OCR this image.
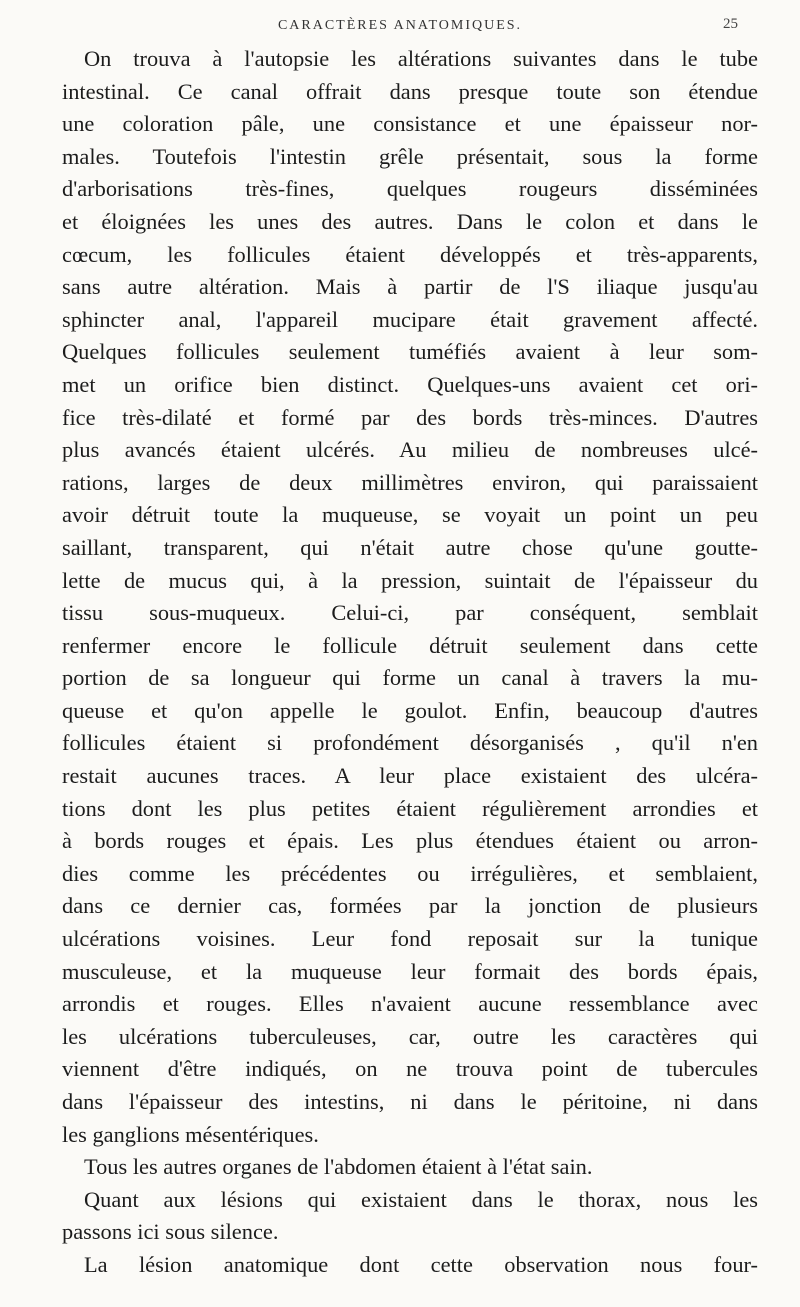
CARACTÈRES ANATOMIQUES.	25
On trouva à l'autopsie les altérations suivantes dans le tube
intestinal. Ce canal offrait dans presque toute son étendue
une coloration pâle, une consistance et une épaisseur nor-
males. Toutefois l'intestin grêle présentait, sous la forme
d'arborisations très-fines, quelques rougeurs disséminées
et éloignées les unes des autres. Dans le colon et dans le
cœcum, les follicules étaient développés et très-apparents,
sans autre altération. Mais à partir de l'S iliaque jusqu'au
sphincter anal, l'appareil mucipare était gravement affecté.
Quelques follicules seulement tuméfiés avaient à leur som-
met un orifice bien distinct. Quelques-uns avaient cet ori-
fice très-dilaté et formé par des bords très-minces. D'autres
plus avancés étaient ulcérés. Au milieu de nombreuses ulcé-
rations, larges de deux millimètres environ, qui paraissaient
avoir détruit toute la muqueuse, se voyait un point un peu
saillant, transparent, qui n'était autre chose qu'une goutte-
lette de mucus qui, à la pression, suintait de l'épaisseur du
tissu sous-muqueux. Celui-ci, par conséquent, semblait
renfermer encore le follicule détruit seulement dans cette
portion de sa longueur qui forme un canal à travers la mu-
queuse et qu'on appelle le goulot. Enfin, beaucoup d'autres
follicules étaient si profondément désorganisés , qu'il n'en
restait aucunes traces. A leur place existaient des ulcéra-
tions dont les plus petites étaient régulièrement arrondies et
à bords rouges et épais. Les plus étendues étaient ou arron-
dies comme les précédentes ou irrégulières, et semblaient,
dans ce dernier cas, formées par la jonction de plusieurs
ulcérations voisines. Leur fond reposait sur la tunique
musculeuse, et la muqueuse leur formait des bords épais,
arrondis et rouges. Elles n'avaient aucune ressemblance avec
les ulcérations tuberculeuses, car, outre les caractères qui
viennent d'être indiqués, on ne trouva point de tubercules
dans l'épaisseur des intestins, ni dans le péritoine, ni dans
les ganglions mésentériques.
Tous les autres organes de l'abdomen étaient à l'état sain.
Quant aux lésions qui existaient dans le thorax, nous les
passons ici sous silence.
La lésion anatomique dont cette observation nous four-
